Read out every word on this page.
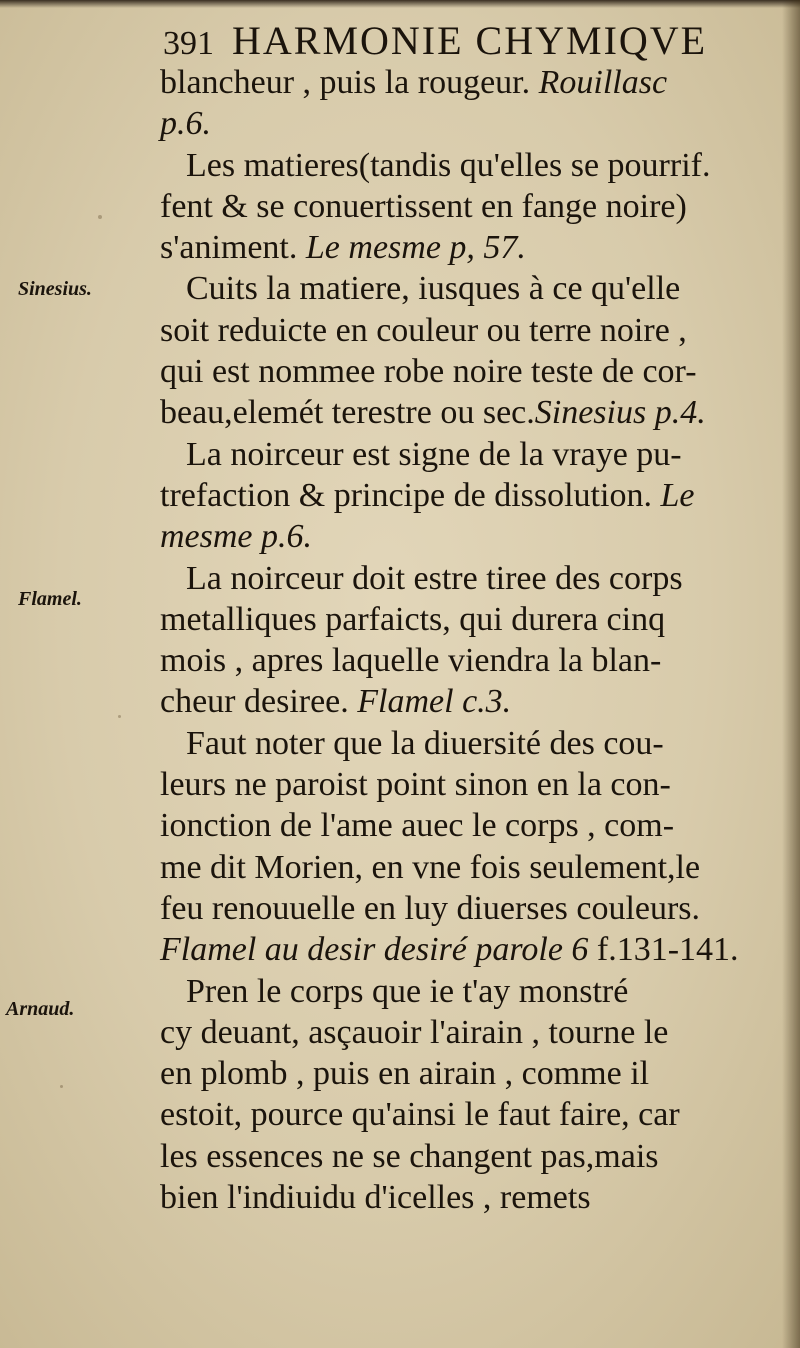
391 HARMONIE CHYMIQVE
blancheur , puis la rougeur. Rouillasc
p.6.
Les matieres(tandis qu'elles se pourrif.
fent & se conuertissent en fange noire)
s'animent. Le mesme p, 57.
Cuits la matiere, iusques à ce qu'elle
soit reduicte en couleur ou terre noire ,
qui est nommee robe noire teste de cor-
beau,elemét terestre ou sec.Sinesius p.4.
La noirceur est signe de la vraye pu-
trefaction & principe de dissolution. Le
mesme p.6.
La noirceur doit estre tiree des corps
metalliques parfaicts, qui durera cinq
mois , apres laquelle viendra la blan-
cheur desiree. Flamel c.3.
Faut noter que la diuersité des cou-
leurs ne paroist point sinon en la con-
ionction de l'ame auec le corps , com-
me dit Morien, en vne fois seulement,le
feu renouuelle en luy diuerses couleurs.
Flamel au desir desiré parole 6 f.131-141.
Pren le corps que ie t'ay monstré
cy deuant, asçauoir l'airain , tourne le
en plomb , puis en airain , comme il
estoit, pource qu'ainsi le faut faire, car
les essences ne se changent pas,mais
bien l'indiuidu d'icelles , remets
Sinesius.
Flamel.
Arnaud.
